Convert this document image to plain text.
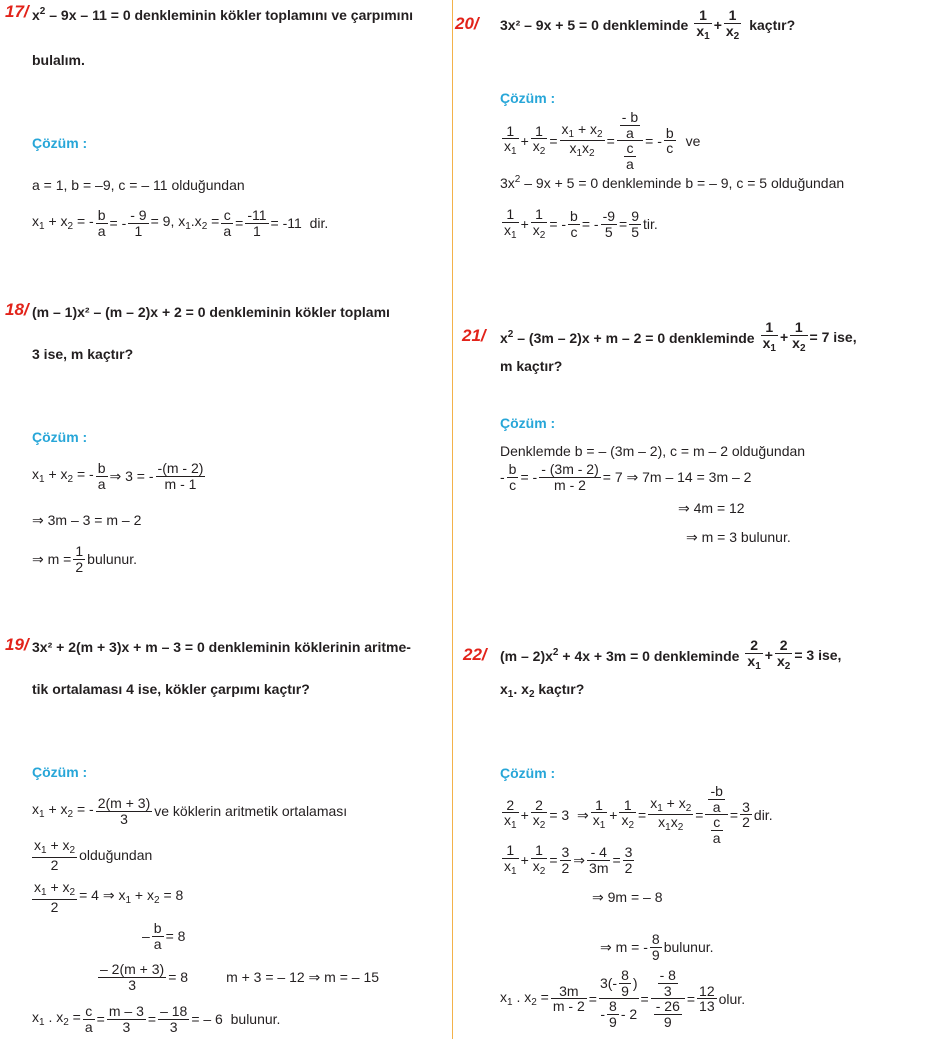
17/ $x^2 - 9x - 11 = 0$ denkleminin kökler toplamını ve çarpımını
bulalım.
Çözüm :
a = 1, b = –9, c = – 11 olduğundan
$x_1 + x_2$ = - $\frac{b}{a}$ = - $\frac{- 9}{1} = 9$, $x_1.x_2 = \frac{c}{a} = \frac{-11}{1} = -11$  dir.
18/ (m – 1)x² – (m – 2)x + 2 = 0 denkleminin kökler toplamı
3 ise, m kaçtır?
Çözüm :
$x_1 + x_2$ = - $\frac{b}{a}$ ⇒ 3 = - $\frac{-(m - 2)}{m - 1}$
⇒ 3m – 3 = m – 2
⇒ $m = \frac{1}{2}$ bulunur.
19/ 3x² + 2(m + 3)x + m – 3 = 0 denkleminin köklerinin aritme-
tik ortalaması 4 ise, kökler çarpımı kaçtır?
Çözüm :
$x_1 + x_2$ = - $\frac{2(m + 3)}{3}$ ve köklerin aritmetik ortalaması
$\frac{x_1 + x_2}{2}$ olduğundan
$\frac{x_1 + x_2}{2} = 4$ ⇒ $x_1 + x_2 = 8$
– $\frac{b}{a} = 8$
$\frac{- 2(m + 3)}{3} = 8$	m + 3 = – 12 ⇒ m = – 15
$x_1$ . $x_2 = \frac{c}{a} = \frac{m - 3}{3} = \frac{- 18}{3}$ = – 6  bulunur.
20/ 3x² – 9x + 5 = 0 denkleminde $\frac{1}{x_1} + \frac{1}{x_2}$ kaçtır?
Çözüm :
$\frac{1}{x_1} + \frac{1}{x_2} = \frac{x_1 + x_2}{x_1x_2} = \frac{\frac{- b}{a}}{\frac{c}{a}}$ = - $\frac{b}{c}$ ve
$3x^2 - 9x + 5 = 0$ denkleminde b = – 9, c = 5 olduğundan
$\frac{1}{x_1} + \frac{1}{x_2}$ = - $\frac{b}{c}$ = - $\frac{-9}{5} = \frac{9}{5}$ tir.
21/ $x^2 - (3m - 2)x + m - 2 = 0$ denkleminde $\frac{1}{x_1} + \frac{1}{x_2} = 7$ ise,
m kaçtır?
Çözüm :
Denklemde b = – (3m – 2), c = m – 2 olduğundan
- $\frac{b}{c}$ = - $\frac{- (3m - 2)}{m - 2} = 7$ ⇒ 7m – 14 = 3m – 2
⇒ 4m = 12
⇒ m = 3 bulunur.
22/ $(m - 2)x^2 + 4x + 3m = 0$ denkleminde $\frac{2}{x_1} + \frac{2}{x_2} = 3$ ise,
$x_1$. $x_2$ kaçtır?
Çözüm :
$\frac{2}{x_1} + \frac{2}{x_2} = 3$  ⇒ $\frac{1}{x_1} + \frac{1}{x_2} = \frac{x_1 + x_2}{x_1x_2} = \frac{\frac{-b}{a}}{\frac{c}{a}} = \frac{3}{2}$ dir.
$\frac{1}{x_1} + \frac{1}{x_2} = \frac{3}{2}$ ⇒ $\frac{- 4}{3m} = \frac{3}{2}$
⇒ 9m = – 8
⇒ m = - $\frac{8}{9}$ bulunur.
$x_1$ . $x_2 = \frac{3m}{m - 2} = \frac{3(- \frac{8}{9} )}{- \frac{8}{9} - 2} = \frac{\frac{- 8}{3}}{\frac{- 26}{9}} = \frac{12}{13}$ olur.
